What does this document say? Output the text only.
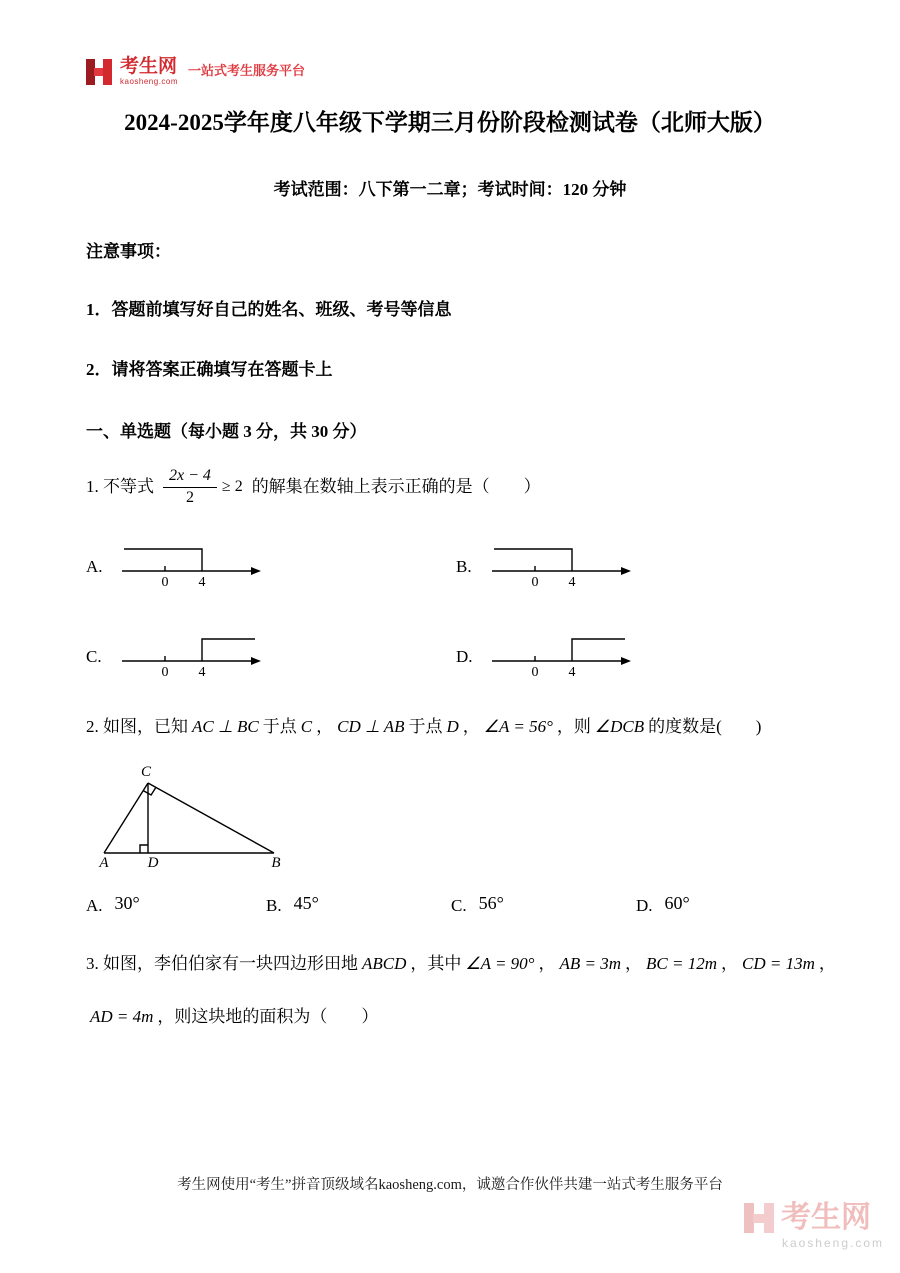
考生网
kaosheng.com
一站式考生服务平台
2024-2025学年度八年级下学期三月份阶段检测试卷（北师大版）
考试范围：八下第一二章；考试时间：120 分钟
注意事项：
1．答题前填写好自己的姓名、班级、考号等信息
2．请将答案正确填写在答题卡上
一、单选题（每小题 3 分，共 30 分）
1. 不等式 $\frac{2x - 4}{2} \ge 2$ 的解集在数轴上表示正确的是（　　）
A.
0 4
B.
0 4
C.
0 4
D.
0 4
2. 如图，已知 AC ⊥ BC 于点 C ， CD ⊥ AB 于点 D ， ∠A = 56° ，则 ∠DCB 的度数是(　　)
C
A	D	B
A. 30°	B. 45°	C. 56°	D. 60°
3. 如图，李伯伯家有一块四边形田地 ABCD ，其中 ∠A = 90° ， AB = 3m ， BC = 12m ， CD = 13m ，
AD = 4m ，则这块地的面积为（　　）
考生网使用“考生”拼音顶级域名kaosheng.com，诚邀合作伙伴共建一站式考生服务平台
考生网
kaosheng.com
